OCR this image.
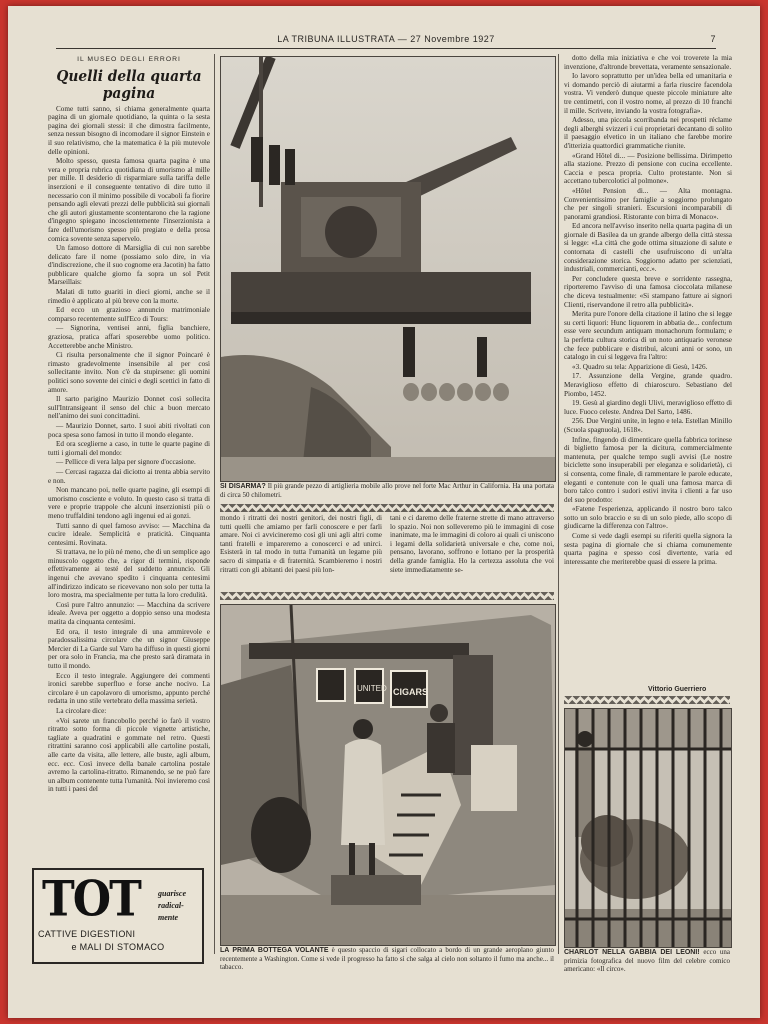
LA TRIBUNA ILLUSTRATA — 27 Novembre 1927	7
IL MUSEO DEGLI ERRORI
Quelli della quarta pagina

Come tutti sanno, si chiama generalmente quarta pagina di un giornale quotidiano, la quinta o la sesta pagina dei giornali stessi: il che dimostra facilmente, senza nessun bisogno di incomodare il signor Einstein e il suo relativismo, che la matematica è la più mutevole delle opinioni.

Molto spesso, questa famosa quarta pagina è una vera e propria rubrica quotidiana di umorismo al mille per mille. Il desiderio di risparmiare sulla tariffa delle inserzioni e il conseguente tentativo di dire tutto il necessario con il minimo possibile di vocaboli fa fiorire pensando agli elevati prezzi delle pubblicità sui giornali che gli autori giustamente scontentarono che la ragione d'ingegno spiegano incoscientemente l'inserzionista a fare dell'umorismo spesso più pregiato e della prosa comica sovente senza sapervelo.

Un famoso dottore di Marsiglia di cui non sarebbe delicato fare il nome (possiamo solo dire, in via d'indiscrezione, che il suo cognome era Jacotin) ha fatto pubblicare qualche giorno fa sopra un sol Petit Marseillais:

Malati di tutto guariti in dieci giorni, anche se il rimedio è applicato al più breve con la morte.

Ed ecco un grazioso annuncio matrimoniale comparso recentemente sull'Eco di Tours:

— Signorina, ventisei anni, figlia banchiere, graziosa, pratica affari sposerebbe uomo politico. Accetterebbe anche Ministro.

Ci risulta personalmente che il signor Poincaré è rimasto gradevolmente insensibile al per così sollecitante invito. Non c'è da stupirsene: gli uomini politici sono sovente dei cinici e degli scettici in fatto di amore.

Il sarto parigino Maurizio Donnet così sollecita sull'Intransigeant il senso del chic a buon mercato nell'animo dei suoi concittadini.

— Maurizio Donnet, sarto. I suoi abiti rivoltati con poca spesa sono famosi in tutto il mondo elegante.

Ed ora sceglierne a caso, in tutte le quarte pagine di tutti i giornali del mondo:

— Pellicce di vera lalpa per signore d'occasione.

— Cercasi ragazza dai diciotto ai trenta abbia servito e non.

Non mancano poi, nelle quarte pagine, gli esempi di umorismo cosciente e voluto. In questo caso si tratta di vere e proprie trappole che alcuni inserzionisti più o meno truffaldini tendono agli ingenui ed ai gonzi.

Tutti sanno di quel famoso avviso: — Macchina da cucire ideale. Semplicità e praticità. Cinquanta centesimi. Rovinata.

Si trattava, ne lo più né meno, che di un semplice ago minuscolo oggetto che, a rigor di termini, risponde effettivamente ai testé del suddetto annuncio. Gli ingenui che avevano spedito i cinquanta centesimi all'indirizzo indicato se ricevevano non solo per tutta la loro mostra, ma specialmente per tutta la loro credulità.

Così pure l'altro annunzio: — Macchina da scrivere ideale. Aveva per oggetto a doppio senso una modesta matita da cinquanta centesimi.

Ed ora, il testo integrale di una ammirevole e paradossalissima circolare che un signor Giuseppe Mercier di La Garde sul Varo ha diffuso in questi giorni per ora solo in Francia, ma che presto sarà diramata in tutto il mondo.

Ecco il testo integrale. Aggiungere dei commenti ironici sarebbe superfluo e forse anche nocivo. La circolare è un capolavoro di umorismo, appunto perché redatta in uno stile vertebrato della massima serietà.

La circolare dice:

«Voi sarete un francobollo perché io farò il vostro ritratto sotto forma di piccole vignette artistiche, tagliate a quadratini e gommate nel retro. Questi ritrattini saranno così applicabili alle cartoline postali, alle carte da visita, alle lettere, alle buste, agli album, ecc. ecc. Così invece della banale cartolina postale avremo la cartolina-ritratto. Rimanendo, se ne può fare un album contenente tutta l'umanità. Noi invieremo così in tutti i paesi del

TOT guarisce
radical-
mente
CATTIVE DIGESTIONI
e MALI DI STOMACO
SI DISARMA? Il più grande pezzo di artiglieria mobile allo prove nel forte Mac Arthur in California. Ha una portata di circa 50 chilometri.

mondo i ritratti dei nostri genitori, dei nostri figli, di tutti quelli che amiamo per farli conoscere e per farli amare. Noi ci avvicineremo così gli uni agli altri come tanti fratelli e impareremo a conoscerci e ad unirci. Esisterà in tal modo in tutta l'umanità un legame più sacro di simpatia e di fraternità. Scambieremo i nostri ritratti con gli abitanti dei paesi più lon-

tani e ci daremo delle fraterne strette di mano attraverso lo spazio. Noi non solleveremo più le immagini di cose inanimate, ma le immagini di coloro ai quali ci uniscono i legami della solidarietà universale e che, come noi, pensano, lavorano, soffrono e lottano per la prosperità della grande famiglia. Ho la certezza assoluta che voi siete immediatamente se-

UNITED CIGARS
LA PRIMA BOTTEGA VOLANTE è questo spaccio di sigari collocato a bordo di un grande aeroplano giunto recentemente a Washington. Come si vede il progresso ha fatto sì che salga al cielo non soltanto il fumo ma anche... il tabacco.

dotto della mia iniziativa e che voi troverete la mia invenzione, d'altronde brevettata, veramente sensazionale.

Io lavoro soprattutto per un'idea bella ed umanitaria e vi domando perciò di aiutarmi a farla riuscire facendola vostra. Vi venderò dunque queste piccole miniature alte tre centimetri, con il vostro nome, al prezzo di 10 franchi il mille. Scrivete, inviando la vostra fotografia».

Adesso, una piccola scorribanda nei prospetti réclame degli alberghi svizzeri i cui proprietari decantano di solito il paesaggio elvetico in un italiano che farebbe morire d'itterizia quattordici grammatiche riunite.

«Grand Hôtel di... — Posizione bellissima. Dirimpetto alla stazione. Prezzo di pensione con cucina eccellente. Caccia e pesca propria. Culto protestante. Non si accettano tubercolotici al polmone».

«Hôtel Pension di... — Alta montagna. Convenientissimo per famiglie a soggiorno prolungato che per singoli stranieri. Escursioni incomparabili di panorami grandiosi. Ristorante con birra di Monaco».

Ed ancora nell'avviso inserito nella quarta pagina di un giornale di Basilea da un grande albergo della città stessa si legge: «La città che gode ottima situazione di salute e contornata di castelli che usufruiscono di un'alta considerazione storica. Soggiorno adatto per scienziati, industriali, commercianti, ecc.».

Per concludere questa breve e sorridente rassegna, riporteremo l'avviso di una famosa cioccolata milanese che diceva testualmente: «Si stampano fatture ai signori Clienti, riservandone il retro alla pubblicità».

Merita pure l'onore della citazione il latino che si legge su certi liquori: Hunc liquorem in abbatia de... confectum esse vere secundum antiquam monachorum formulam; e la perfetta cultura storica di un noto antiquario veronese che fece pubblicare e distribuì, alcuni anni or sono, un catalogo in cui si leggeva fra l'altro:

«3. Quadro su tela: Apparizione di Gesù, 1426.

17. Assunzione della Vergine, grande quadro. Meraviglioso effetto di chiaroscuro. Sebastiano del Piombo, 1452.

19. Gesù al giardino degli Ulivi, meraviglioso effetto di luce. Fuoco celeste. Andrea Del Sarto, 1486.

256. Due Vergini unite, in legno e tela. Estellan Minillo (Scuola spagnuola), 1618».

Infine, fingendo di dimenticare quella fabbrica torinese di biglietto famosa per la dicitura, commercialmente mantenuta, per qualche tempo sugli avvisi (Le nostre biciclette sono insuperabili per eleganza e solidarietà), ci si consenta, come finale, di rammentare le parole educate, eleganti e contenute con le quali una famosa marca di boro talco contro i sudori estivi invita i clienti a far uso del suo prodotto:

«Fatene l'esperienza, applicando il nostro boro talco sotto un solo braccio e su di un solo piede, allo scopo di giudicarne la differenza con l'altro».

Come si vede dagli esempi su riferiti quella signora la sesta pagina di giornale che si chiama comunemente quarta pagina e spesso così divertente, varia ed interessante che meriterebbe quasi di essere la prima.

Vittorio Guerriero
CHARLOT NELLA GABBIA DEI LEONI! ecco una primizia fotografica del nuovo film del celebre comico americano: «Il circo».
